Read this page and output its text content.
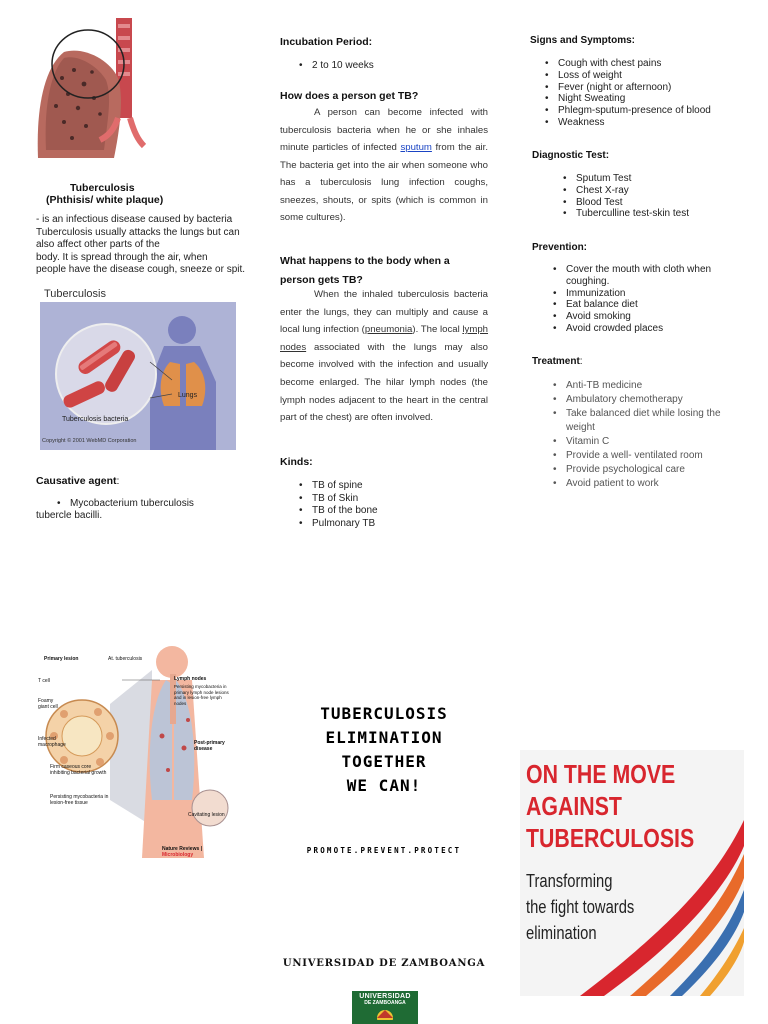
Tuberculosis
(Phthisis/ white plaque)
- is an infectious disease caused by bacteria
Tuberculosis usually attacks the lungs but can
also affect other parts of the
body. It is spread through the air, when
people have the disease cough, sneeze or spit.
Tuberculosis
Lungs
Tuberculosis bacteria
Copyright © 2001 WebMD Corporation
Causative agent:
• Mycobacterium tuberculosis
tubercle bacilli.
Incubation Period:
• 2 to 10 weeks
How does a person get TB?
A person can become infected with tuberculosis bacteria when he or she inhales minute particles of infected sputum from the air. The bacteria get into the air when someone who has a tuberculosis lung infection coughs, sneezes, shouts, or spits (which is common in some cultures).
What happens to the body when a
person gets TB?
When the inhaled tuberculosis bacteria enter the lungs, they can multiply and cause a local lung infection (pneumonia). The local lymph nodes associated with the lungs may also become involved with the infection and usually become enlarged. The hilar lymph nodes (the lymph nodes adjacent to the heart in the central part of the chest) are often involved.
Kinds:
• TB of spine
• TB of Skin
• TB of the bone
• Pulmonary TB
Signs and Symptoms:
• Cough with chest pains
• Loss of weight
• Fever (night or afternoon)
• Night Sweating
• Phlegm-sputum-presence of blood
• Weakness
Diagnostic Test:
• Sputum Test
• Chest X-ray
• Blood Test
• Tuberculline test-skin test
Prevention:
• Cover the mouth with cloth when coughing.
• Immunization
• Eat balance diet
• Avoid smoking
• Avoid crowded places
Treatment:
• Anti-TB medicine
• Ambulatory chemotherapy
• Take balanced diet while losing the weight
• Vitamin C
• Provide a well- ventilated room
• Provide psychological care
• Avoid patient to work
Primary lesion	At. tuberculosis
T cell
Foamy giant cell
Infected macrophage
Firm caseous core inhibiting bacterial growth
Persisting mycobacteria in lesion-free tissue
Lymph nodes
Persisting mycobacteria in primary lymph node lesions and in lesion-free lymph nodes
Post-primary disease
Cavitating lesion
Nature Reviews | Microbiology
TUBERCULOSIS
ELIMINATION
TOGETHER
WE CAN!
PROMOTE.PREVENT.PROTECT
UNIVERSIDAD DE ZAMBOANGA
UNIVERSIDAD
DE ZAMBOANGA
ON THE MOVE
AGAINST
TUBERCULOSIS
Transforming
the fight towards
elimination
